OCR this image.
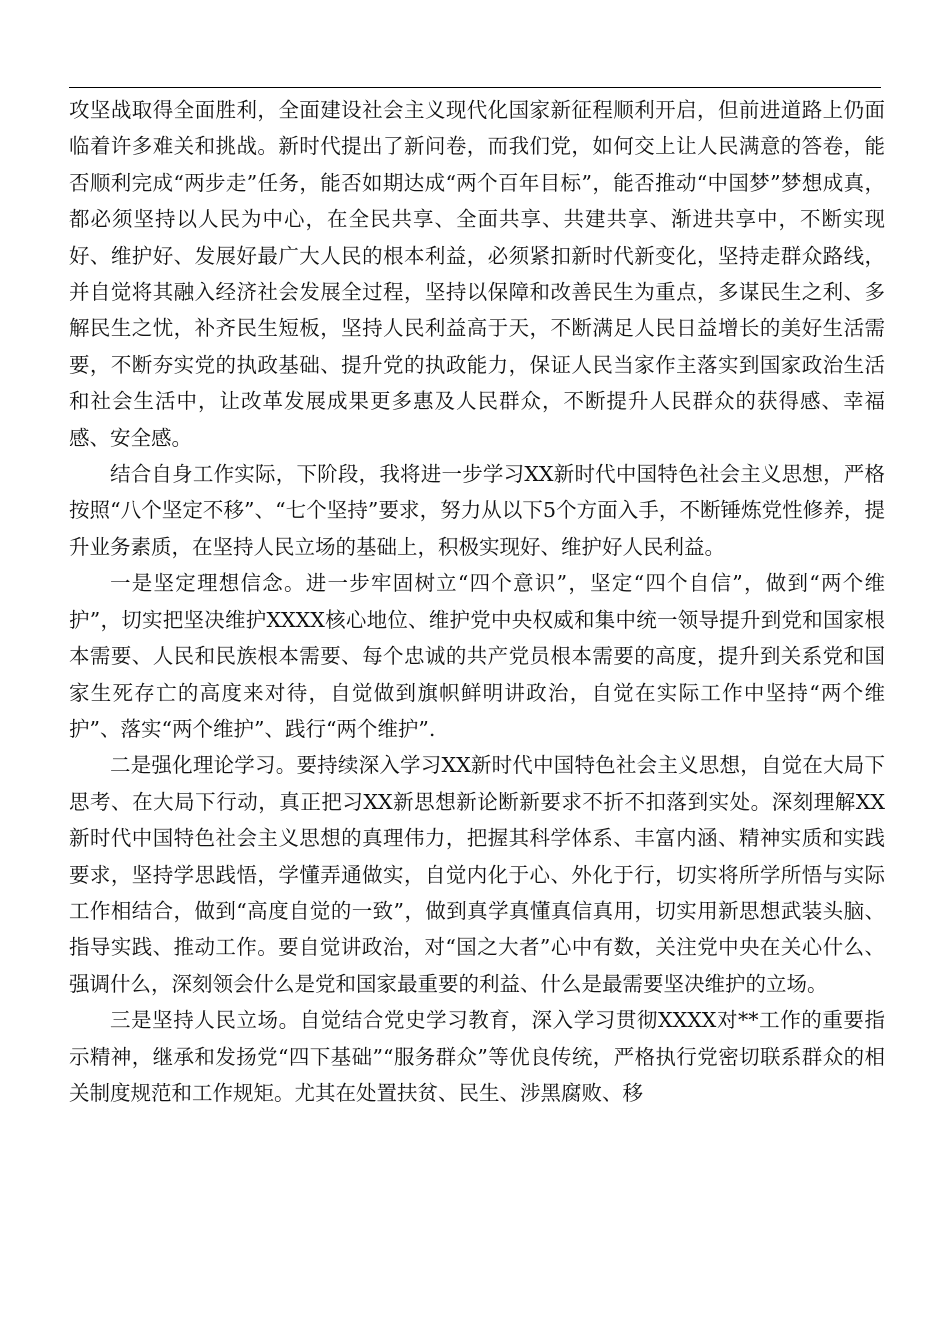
攻坚战取得全面胜利，全面建设社会主义现代化国家新征程顺利开启，但前进道路上仍面临着许多难关和挑战。新时代提出了新问卷，而我们党，如何交上让人民满意的答卷，能否顺利完成“两步走”任务，能否如期达成“两个百年目标”，能否推动“中国梦”梦想成真，都必须坚持以人民为中心，在全民共享、全面共享、共建共享、渐进共享中，不断实现好、维护好、发展好最广大人民的根本利益，必须紧扣新时代新变化，坚持走群众路线，并自觉将其融入经济社会发展全过程，坚持以保障和改善民生为重点，多谋民生之利、多解民生之忧，补齐民生短板，坚持人民利益高于天，不断满足人民日益增长的美好生活需要，不断夯实党的执政基础、提升党的执政能力，保证人民当家作主落实到国家政治生活和社会生活中，让改革发展成果更多惠及人民群众，不断提升人民群众的获得感、幸福感、安全感。

结合自身工作实际，下阶段，我将进一步学习XX新时代中国特色社会主义思想，严格按照“八个坚定不移”、“七个坚持”要求，努力从以下5个方面入手，不断锤炼党性修养，提升业务素质，在坚持人民立场的基础上，积极实现好、维护好人民利益。

一是坚定理想信念。进一步牢固树立“四个意识”，坚定“四个自信”，做到“两个维护”，切实把坚决维护XXXX核心地位、维护党中央权威和集中统一领导提升到党和国家根本需要、人民和民族根本需要、每个忠诚的共产党员根本需要的高度，提升到关系党和国家生死存亡的高度来对待，自觉做到旗帜鲜明讲政治，自觉在实际工作中坚持“两个维护”、落实“两个维护”、践行“两个维护”.

二是强化理论学习。要持续深入学习XX新时代中国特色社会主义思想，自觉在大局下思考、在大局下行动，真正把习XX新思想新论断新要求不折不扣落到实处。深刻理解XX新时代中国特色社会主义思想的真理伟力，把握其科学体系、丰富内涵、精神实质和实践要求，坚持学思践悟，学懂弄通做实，自觉内化于心、外化于行，切实将所学所悟与实际工作相结合，做到“高度自觉的一致”，做到真学真懂真信真用，切实用新思想武装头脑、指导实践、推动工作。要自觉讲政治，对“国之大者”心中有数，关注党中央在关心什么、强调什么，深刻领会什么是党和国家最重要的利益、什么是最需要坚决维护的立场。

三是坚持人民立场。自觉结合党史学习教育，深入学习贯彻XXXX对**工作的重要指示精神，继承和发扬党“四下基础”“服务群众”等优良传统，严格执行党密切联系群众的相关制度规范和工作规矩。尤其在处置扶贫、民生、涉黑腐败、移
